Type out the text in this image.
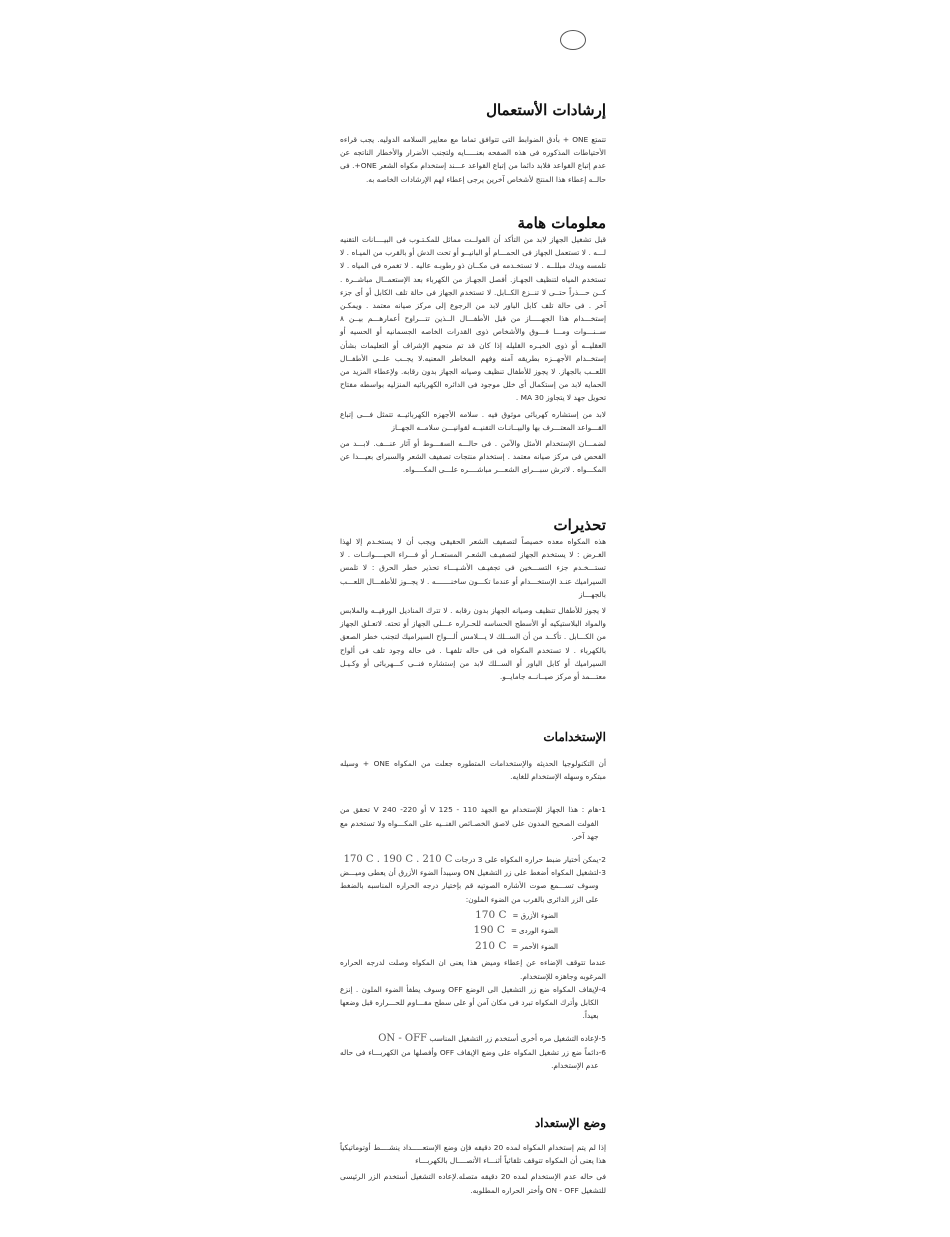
إرشادات الأستعمال

تتمتع ONE + بأدق الضوابط التى تتوافق تماما مع معايير السلامه الدوليه. يجب قراءه الأحتياطات المذكوره فى هذه الصفحه بعنـــــايه ولتجنب الأضرار والأخطار الناتجه عن عدم إتباع القواعد فلابد دائما من إتباع القواعد عـــند إستخدام مكواه الشعر ONE+. فى حالــه إعطاء هذا المنتج لأشخاص آخرين يرجى إعطاء لهم الإرشادات الخاصه به.

معلومات هامة

قبل تشغيل الجهاز لابد من التأكد أن الفولــت مماثل للمكـتـوب فى البيــــانات التقنيه لـــه . لا تستعمل الجهاز فى الحمـــام أو البانيــو أو تحت الدش أو بالقرب من الميـاه . لا تلمسه ويدك مبللــه . لا تستخـدمه فى مكــان ذو رطوبـه عاليه . لا تغمره فى المياه . لا تستخدم المياه لتنظيف الجهـاز. أفصل الجهـاز من الكهرباء بعد الإستعمــال مباشــرة . كــن حـــذراً حتــى لا تنــزع الكــابل. لا تستخدم الجهاز فى حالة تلف الكابل أو أى جزء آخر . فى حالة تلف كابل الباور لابد من الرجوع إلى مركز صيانه معتمد . ويمكـن إستخـــدام هذا الجهـــــاز من قبل الأطفـــال الــذين تتـــراوح أعمارهـــم بيــن ٨ ســنـــوات ومـــا فـــوق والأشخاص ذوى القدرات الخاصه الجسمانيه أو الحسيه أو العقليــه أو ذوى الخبـره القليله إذا كان قد تم منحهم الإشراف أو التعليمات بشأن إستخــدام الأجهــزه بطريقه آمنه وفهم المخاطر المعنيه.لا يجــب علــى الأطفــال اللعــب بالجهاز. لا يجوز للأطفال تنظيف وصيانه الجهاز بدون رقابه. ولإعطاء المزيد من الحمايه لابد من إستكمال أى خلل موجود فى الدائره الكهربائيه المنزليه بواسطه مفتاح تحويل جهد لا يتجاوز 30 MA .

لابد من إستشاره كهربائى موثوق فيه . سلامه الأجهزه الكهربائيــه تتمثل فـــى إتباع القـــواعد المعتـــرف بها والبيــانـات التقنيــه لقوانيـــن سلامــه الجهــاز

لضمـــان الإستخدام الأمثل والآمن . فى حالـــه السقـــوط أو آثار عنـــف. لابـــد من الفحص فى مركز صيانه معتمد . إستخدام منتجات تصفيف الشعر والسبراى بعيـــدا عن المكـــواه . لاترش سبـــراى الشعـــر مباشــــره علـــى المكــــواه.

تحذيرات

هذه المكواه معده خصيصاً لتصفيف الشعر الحقيقى ويجب أن لا يستخـدم إلا لهذا الغـرض : لا يستخدم الجهاز لتصفيـف الشعـر المستعــار أو فـــراء الحيــــوانــات . لا تستـــخـدم جزء التســـخين فى تجفيـف الأشـيـــاء تحذير خطر الحرق : لا تلمس السيراميك عنـد الإستخـــدام أو عندما تكـــون ساخنـــــــه . لا يجــوز للأطفـــال اللعـــب بالجهـــاز

لا يجوز للأطفال تنظيف وصيانه الجهاز بدون رقابه . لا تترك المناديل الورقيــه والملابس والمواد البلاستيكيه أو الأسطح الحساسه للحـراره عـــلى الجهاز أو تحته. لاتعـلق الجهاز من الكـــابل . تأكــد من أن الســلك لا يـــلامس ألـــواح السيراميك لتجنب خطر الصعق بالكهرباء . لا تستخدم المكواه فى فى حاله تلفهـا . فى حاله وجود تلف فى ألواح السيراميك أو كابل الباور أو الســلك لابد من إستشاره فنــى كـــهربائى أو وكـيـل معتـــمد أو مركز صيــانــه جامايــو.

الإستخدامات

أن التكنولوجيا الحديثه والإستخدامات المتطوره جعلت من المكواه ONE + وسيله مبتكره وسهله الإستخدام للغايه.

1-

هام : هذا الجهاز للإستخدام مع الجهد 110 - V 125 أو 220- V 240 تحقق من الفولت الصحيح المدون على لاصق الخصـائص الفنــيه على المكـــواه ولا تستخدم مع جهد آخر.

2-

يمكن أختيار ضبط حراره المكواه على 3 درجات 170 C . 190 C . 210 C

3-

لتشغيل المكواه أضغط على زر التشغيل ON وسيبدأ الضوء الأزرق أن يعطى وميـــض وسوف تســـمع صوت الأشاره الصوتيه قم بإختيار درجه الحراره المناسبه بالضغط على الزر الدائرى بالقرب من الضوء الملون:

الضوء الأزرق =
170 C
الضوء الوردى =
190 C
الضوء الأحمر =
210 C

عندما تتوقف الإضاءه عن إعطاء وميض هذا يعنى ان المكواه وصلت لدرجه الحراره المرغوبه وجاهزه للإستخدام.

4-

لإيقاف المكواه ضع زر التشغيل الى الوضع OFF وسوف يطفأ الضوء الملون . إنزع الكابل وأترك المكواه تبرد فى مكان آمن أو على سطح مقـــاوم للحـــراره قبل وضعها بعيداً.

5-

لإعاده التشغيل مره أخرى أستخدم زر التشغيل المناسب ON - OFF

6-

دائماً ضع زر تشغيل المكواه على وضع الإيقاف OFF وأفصلها من الكهربـــاء فى حاله عدم الإستخدام.

وضع الإستعداد

إذا لم يتم إستخدام المكواه لمده 20 دقيقه فإن وضع الإستعـــــداد ينشــــط أوتوماتيكياً هذا يعنى أن المكواه تتوقف تلقائياً أثنـــاء الأتصــــال بالكهربـــاء

فى حاله عدم الإستخدام لمده 20 دقيقه متصله.لإعاده التشغيل أستخدم الزر الرئيسى للتشغيل ON - OFF وأختر الحراره المطلوبه.
